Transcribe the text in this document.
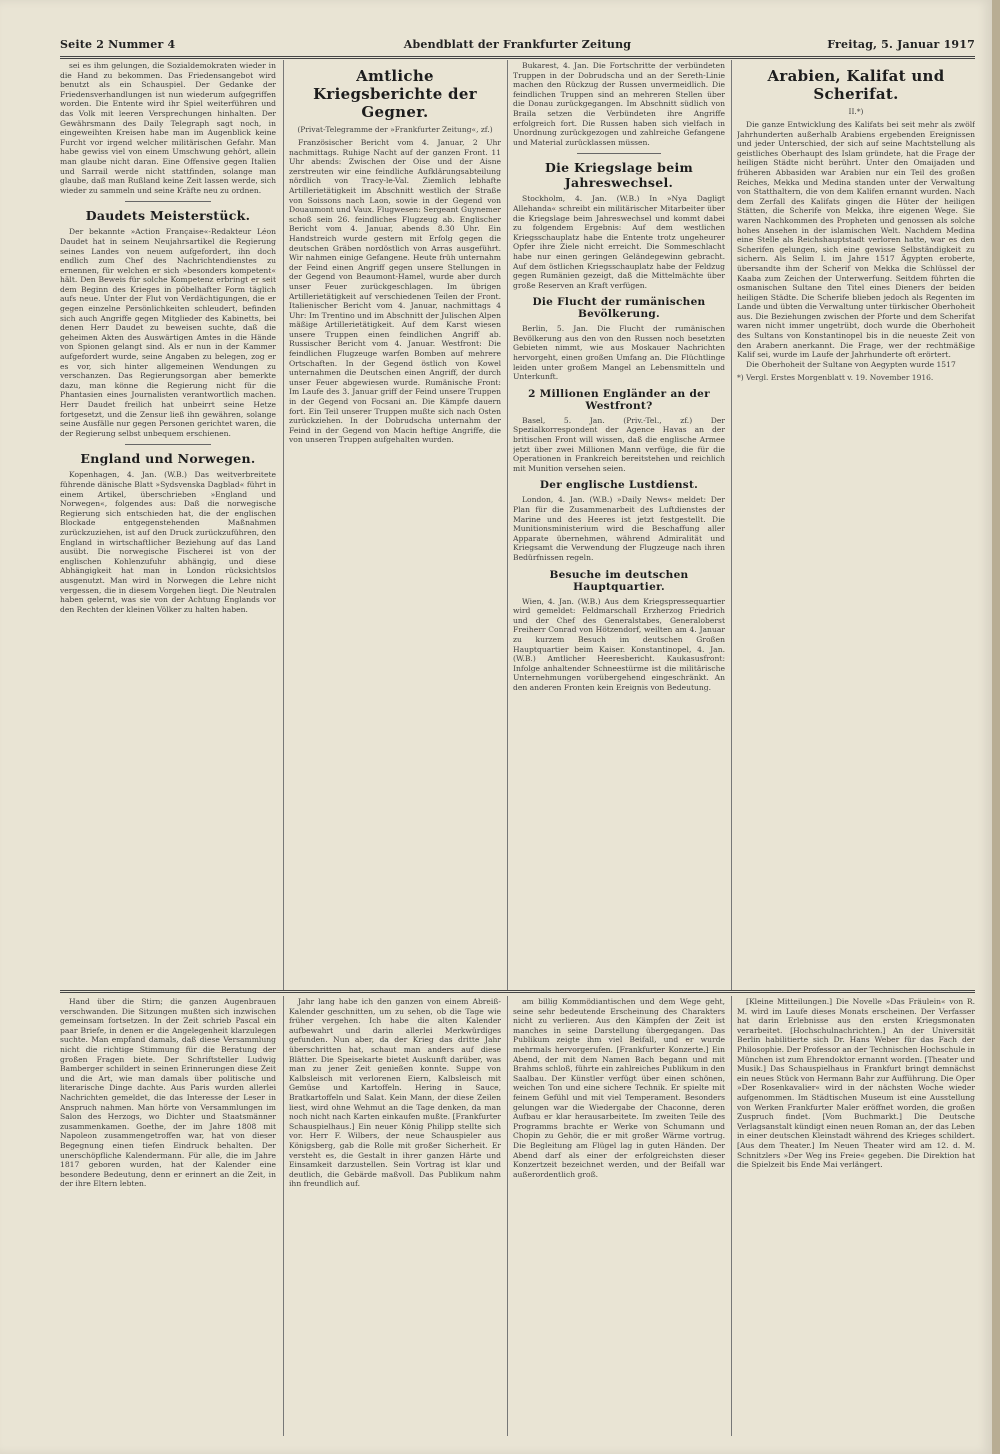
Seite 2 Nummer 4	Abendblatt der Frankfurter Zeitung	Freitag, 5. Januar 1917

sei es ihm gelungen, die Sozialdemokraten wieder in die Hand zu bekommen. Das Friedensangebot wird benutzt als ein Schauspiel. Der Gedanke der Friedensverhandlungen ist nun wiederum aufgegriffen worden. Die Entente wird ihr Spiel weiterführen und das Volk mit leeren Versprechungen hinhalten. Der Gewährsmann des Daily Telegraph sagt noch, in eingeweihten Kreisen habe man im Augenblick keine Furcht vor irgend welcher militärischen Gefahr. Man habe gewiss viel von einem Umschwung gehört, allein man glaube nicht daran. Eine Offensive gegen Italien und Sarrail werde nicht stattfinden, solange man glaube, daß man Rußland keine Zeit lassen werde, sich wieder zu sammeln und seine Kräfte neu zu ordnen.

Daudets Meisterstück.

Der bekannte »Action Française«-Redakteur Léon Daudet hat in seinem Neujahrsartikel die Regierung seines Landes von neuem aufgefordert, ihn doch endlich zum Chef des Nachrichtendienstes zu ernennen, für welchen er sich »besonders kompetent« hält. Den Beweis für solche Kompetenz erbringt er seit dem Beginn des Krieges in pöbelhafter Form täglich aufs neue. Unter der Flut von Verdächtigungen, die er gegen einzelne Persönlichkeiten schleudert, befinden sich auch Angriffe gegen Mitglieder des Kabinetts, bei denen Herr Daudet zu beweisen suchte, daß die geheimen Akten des Auswärtigen Amtes in die Hände von Spionen gelangt sind. Als er nun in der Kammer aufgefordert wurde, seine Angaben zu belegen, zog er es vor, sich hinter allgemeinen Wendungen zu verschanzen. Das Regierungsorgan aber bemerkte dazu, man könne die Regierung nicht für die Phantasien eines Journalisten verantwortlich machen. Herr Daudet freilich hat unbeirrt seine Hetze fortgesetzt, und die Zensur ließ ihn gewähren, solange seine Ausfälle nur gegen Personen gerichtet waren, die der Regierung selbst unbequem erschienen.

England und Norwegen.

Kopenhagen, 4. Jan. (W.B.) Das weitverbreitete führende dänische Blatt »Sydsvenska Dagblad« führt in einem Artikel, überschrieben »England und Norwegen«, folgendes aus: Daß die norwegische Regierung sich entschieden hat, die der englischen Blockade entgegenstehenden Maßnahmen zurückzuziehen, ist auf den Druck zurückzuführen, den England in wirtschaftlicher Beziehung auf das Land ausübt. Die norwegische Fischerei ist von der englischen Kohlenzufuhr abhängig, und diese Abhängigkeit hat man in London rücksichtslos ausgenutzt. Man wird in Norwegen die Lehre nicht vergessen, die in diesem Vorgehen liegt. Die Neutralen haben gelernt, was sie von der Achtung Englands vor den Rechten der kleinen Völker zu halten haben.

Amtliche Kriegsberichte der Gegner.
(Privat-Telegramme der »Frankfurter Zeitung«, zf.)

Französischer Bericht vom 4. Januar, 2 Uhr nachmittags. Ruhige Nacht auf der ganzen Front. 11 Uhr abends: Zwischen der Oise und der Aisne zerstreuten wir eine feindliche Aufklärungsabteilung nördlich von Tracy-le-Val. Ziemlich lebhafte Artillerietätigkeit im Abschnitt westlich der Straße von Soissons nach Laon, sowie in der Gegend von Douaumont und Vaux. Flugwesen: Sergeant Guynemer schoß sein 26. feindliches Flugzeug ab. Englischer Bericht vom 4. Januar, abends 8.30 Uhr. Ein Handstreich wurde gestern mit Erfolg gegen die deutschen Gräben nordöstlich von Arras ausgeführt. Wir nahmen einige Gefangene. Heute früh unternahm der Feind einen Angriff gegen unsere Stellungen in der Gegend von Beaumont-Hamel, wurde aber durch unser Feuer zurückgeschlagen. Im übrigen Artillerietätigkeit auf verschiedenen Teilen der Front. Italienischer Bericht vom 4. Januar, nachmittags 4 Uhr: Im Trentino und im Abschnitt der Julischen Alpen mäßige Artillerietätigkeit. Auf dem Karst wiesen unsere Truppen einen feindlichen Angriff ab. Russischer Bericht vom 4. Januar. Westfront: Die feindlichen Flugzeuge warfen Bomben auf mehrere Ortschaften. In der Gegend östlich von Kowel unternahmen die Deutschen einen Angriff, der durch unser Feuer abgewiesen wurde. Rumänische Front: Im Laufe des 3. Januar griff der Feind unsere Truppen in der Gegend von Focsani an. Die Kämpfe dauern fort. Ein Teil unserer Truppen mußte sich nach Osten zurückziehen. In der Dobrudscha unternahm der Feind in der Gegend von Macin heftige Angriffe, die von unseren Truppen aufgehalten wurden.

Bukarest, 4. Jan. Die Fortschritte der verbündeten Truppen in der Dobrudscha und an der Sereth-Linie machen den Rückzug der Russen unvermeidlich. Die feindlichen Truppen sind an mehreren Stellen über die Donau zurückgegangen. Im Abschnitt südlich von Braila setzen die Verbündeten ihre Angriffe erfolgreich fort. Die Russen haben sich vielfach in Unordnung zurückgezogen und zahlreiche Gefangene und Material zurücklassen müssen.

Die Kriegslage beim Jahreswechsel.

Stockholm, 4. Jan. (W.B.) In »Nya Dagligt Allehanda« schreibt ein militärischer Mitarbeiter über die Kriegslage beim Jahreswechsel und kommt dabei zu folgendem Ergebnis: Auf dem westlichen Kriegsschauplatz habe die Entente trotz ungeheurer Opfer ihre Ziele nicht erreicht. Die Sommeschlacht habe nur einen geringen Geländegewinn gebracht. Auf dem östlichen Kriegsschauplatz habe der Feldzug gegen Rumänien gezeigt, daß die Mittelmächte über große Reserven an Kraft verfügen.

Die Flucht der rumänischen Bevölkerung.

Berlin, 5. Jan. Die Flucht der rumänischen Bevölkerung aus den von den Russen noch besetzten Gebieten nimmt, wie aus Moskauer Nachrichten hervorgeht, einen großen Umfang an. Die Flüchtlinge leiden unter großem Mangel an Lebensmitteln und Unterkunft.

2 Millionen Engländer an der Westfront?

Basel, 5. Jan. (Priv.-Tel., zf.) Der Spezialkorrespondent der Agence Havas an der britischen Front will wissen, daß die englische Armee jetzt über zwei Millionen Mann verfüge, die für die Operationen in Frankreich bereitstehen und reichlich mit Munition versehen seien.

Der englische Lustdienst.

London, 4. Jan. (W.B.) »Daily News« meldet: Der Plan für die Zusammenarbeit des Luftdienstes der Marine und des Heeres ist jetzt festgestellt. Die Munitionsministerium wird die Beschaffung aller Apparate übernehmen, während Admiralität und Kriegsamt die Verwendung der Flugzeuge nach ihren Bedürfnissen regeln.

Besuche im deutschen Hauptquartier.

Wien, 4. Jan. (W.B.) Aus dem Kriegspressequartier wird gemeldet: Feldmarschall Erzherzog Friedrich und der Chef des Generalstabes, Generaloberst Freiherr Conrad von Hötzendorf, weilten am 4. Januar zu kurzem Besuch im deutschen Großen Hauptquartier beim Kaiser. Konstantinopel, 4. Jan. (W.B.) Amtlicher Heeresbericht. Kaukasusfront: Infolge anhaltender Schneestürme ist die militärische Unternehmungen vorübergehend eingeschränkt. An den anderen Fronten kein Ereignis von Bedeutung.

Arabien, Kalifat und Scherifat.
II.*)

Die ganze Entwicklung des Kalifats bei seit mehr als zwölf Jahrhunderten außerhalb Arabiens ergebenden Ereignissen und jeder Unterschied, der sich auf seine Machtstellung als geistliches Oberhaupt des Islam gründete, hat die Frage der heiligen Städte nicht berührt. Unter den Omaijaden und früheren Abbasiden war Arabien nur ein Teil des großen Reiches, Mekka und Medina standen unter der Verwaltung von Statthaltern, die von dem Kalifen ernannt wurden. Nach dem Zerfall des Kalifats gingen die Hüter der heiligen Stätten, die Scherife von Mekka, ihre eigenen Wege. Sie waren Nachkommen des Propheten und genossen als solche hohes Ansehen in der islamischen Welt. Nachdem Medina eine Stelle als Reichshauptstadt verloren hatte, war es den Scherifen gelungen, sich eine gewisse Selbständigkeit zu sichern. Als Selim I. im Jahre 1517 Ägypten eroberte, übersandte ihm der Scherif von Mekka die Schlüssel der Kaaba zum Zeichen der Unterwerfung. Seitdem führten die osmanischen Sultane den Titel eines Dieners der beiden heiligen Städte. Die Scherife blieben jedoch als Regenten im Lande und übten die Verwaltung unter türkischer Oberhoheit aus. Die Beziehungen zwischen der Pforte und dem Scherifat waren nicht immer ungetrübt, doch wurde die Oberhoheit des Sultans von Konstantinopel bis in die neueste Zeit von den Arabern anerkannt. Die Frage, wer der rechtmäßige Kalif sei, wurde im Laufe der Jahrhunderte oft erörtert.

Die Oberhoheit der Sultane von Aegypten wurde 1517

*) Vergl. Erstes Morgenblatt v. 19. November 1916.

Hand über die Stirn; die ganzen Augenbrauen verschwanden. Die Sitzungen mußten sich inzwischen gemeinsam fortsetzen. In der Zeit schrieb Pascal ein paar Briefe, in denen er die Angelegenheit klarzulegen suchte. Man empfand damals, daß diese Versammlung nicht die richtige Stimmung für die Beratung der großen Fragen biete. Der Schriftsteller Ludwig Bamberger schildert in seinen Erinnerungen diese Zeit und die Art, wie man damals über politische und literarische Dinge dachte. Aus Paris wurden allerlei Nachrichten gemeldet, die das Interesse der Leser in Anspruch nahmen. Man hörte von Versammlungen im Salon des Herzogs, wo Dichter und Staatsmänner zusammenkamen. Goethe, der im Jahre 1808 mit Napoleon zusammengetroffen war, hat von dieser Begegnung einen tiefen Eindruck behalten. Der unerschöpfliche Kalendermann. Für alle, die im Jahre 1817 geboren wurden, hat der Kalender eine besondere Bedeutung, denn er erinnert an die Zeit, in der ihre Eltern lebten.

Jahr lang habe ich den ganzen von einem Abreiß-Kalender geschnitten, um zu sehen, ob die Tage wie früher vergehen. Ich habe die alten Kalender aufbewahrt und darin allerlei Merkwürdiges gefunden. Nun aber, da der Krieg das dritte Jahr überschritten hat, schaut man anders auf diese Blätter. Die Speisekarte bietet Auskunft darüber, was man zu jener Zeit genießen konnte. Suppe von Kalbsleisch mit verlorenen Eiern, Kalbsleisch mit Gemüse und Kartoffeln. Hering in Sauce, Bratkartoffeln und Salat. Kein Mann, der diese Zeilen liest, wird ohne Wehmut an die Tage denken, da man noch nicht nach Karten einkaufen mußte. [Frankfurter Schauspielhaus.] Ein neuer König Philipp stellte sich vor. Herr F. Wilbers, der neue Schauspieler aus Königsberg, gab die Rolle mit großer Sicherheit. Er versteht es, die Gestalt in ihrer ganzen Härte und Einsamkeit darzustellen. Sein Vortrag ist klar und deutlich, die Gebärde maßvoll. Das Publikum nahm ihn freundlich auf.

am billig Kommödiantischen und dem Wege geht, seine sehr bedeutende Erscheinung des Charakters nicht zu verlieren. Aus den Kämpfen der Zeit ist manches in seine Darstellung übergegangen. Das Publikum zeigte ihm viel Beifall, und er wurde mehrmals hervorgerufen. [Frankfurter Konzerte.] Ein Abend, der mit dem Namen Bach begann und mit Brahms schloß, führte ein zahlreiches Publikum in den Saalbau. Der Künstler verfügt über einen schönen, weichen Ton und eine sichere Technik. Er spielte mit feinem Gefühl und mit viel Temperament. Besonders gelungen war die Wiedergabe der Chaconne, deren Aufbau er klar herausarbeitete. Im zweiten Teile des Programms brachte er Werke von Schumann und Chopin zu Gehör, die er mit großer Wärme vortrug. Die Begleitung am Flügel lag in guten Händen. Der Abend darf als einer der erfolgreichsten dieser Konzertzeit bezeichnet werden, und der Beifall war außerordentlich groß.

[Kleine Mitteilungen.] Die Novelle »Das Fräulein« von R. M. wird im Laufe dieses Monats erscheinen. Der Verfasser hat darin Erlebnisse aus den ersten Kriegsmonaten verarbeitet. [Hochschulnachrichten.] An der Universität Berlin habilitierte sich Dr. Hans Weber für das Fach der Philosophie. Der Professor an der Technischen Hochschule in München ist zum Ehrendoktor ernannt worden. [Theater und Musik.] Das Schauspielhaus in Frankfurt bringt demnächst ein neues Stück von Hermann Bahr zur Aufführung. Die Oper »Der Rosenkavalier« wird in der nächsten Woche wieder aufgenommen. Im Städtischen Museum ist eine Ausstellung von Werken Frankfurter Maler eröffnet worden, die großen Zuspruch findet. [Vom Buchmarkt.] Die Deutsche Verlagsanstalt kündigt einen neuen Roman an, der das Leben in einer deutschen Kleinstadt während des Krieges schildert. [Aus dem Theater.] Im Neuen Theater wird am 12. d. M. Schnitzlers »Der Weg ins Freie« gegeben. Die Direktion hat die Spielzeit bis Ende Mai verlängert.
